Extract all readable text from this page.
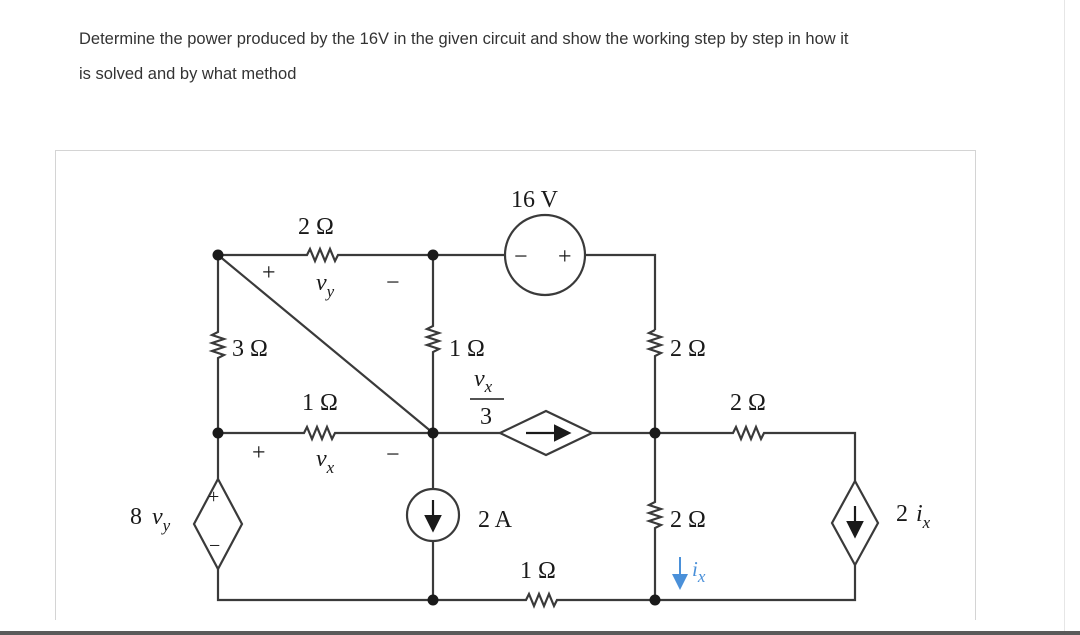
Determine the power produced by the 16V in the given circuit and show the working step by step in how it
is solved and by what method
2 Ω
3 Ω
1 Ω
1 Ω	2 Ω
2 Ω
2 Ω
1 Ω
16 V
2 A
− +
+ $v_y$ −
+ $v_x$ −
$v_x$
3
8 $v_y$
+
−
2 $i_x$
$i_x$
